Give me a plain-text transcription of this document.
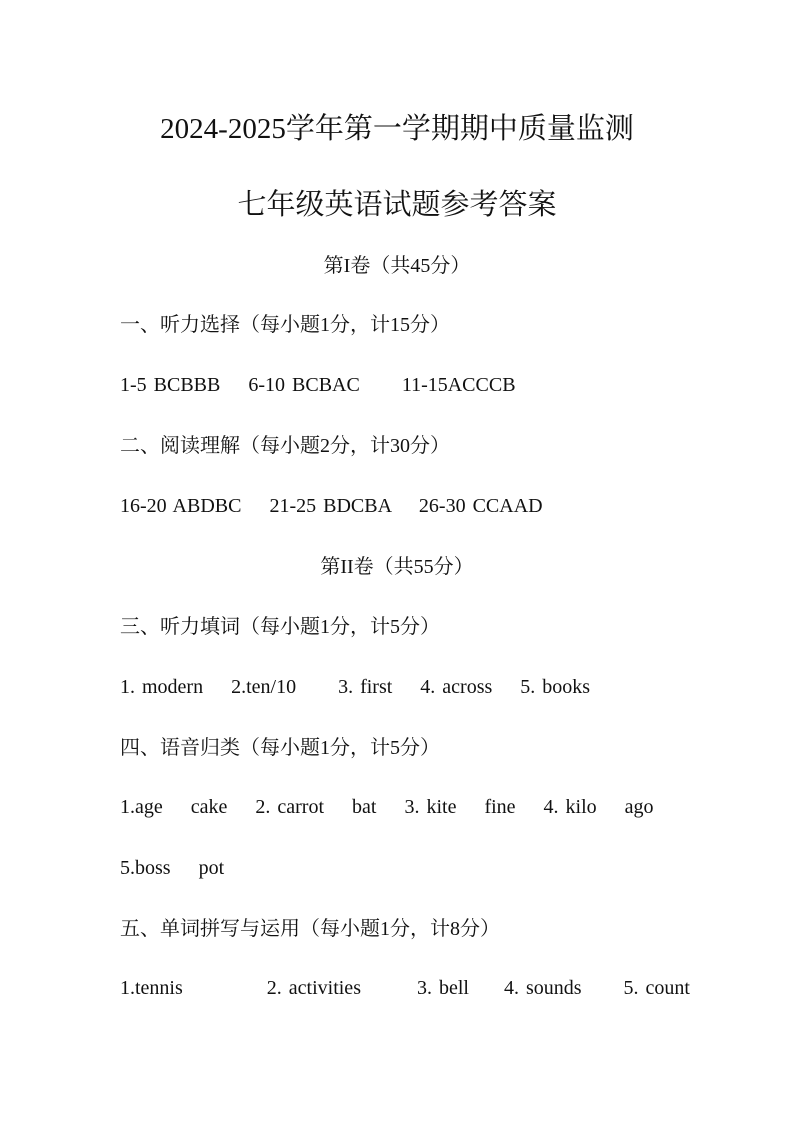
2024-2025学年第一学期期中质量监测
七年级英语试题参考答案
第I卷（共45分）
一、听力选择（每小题1分，计15分）
1-5 BCBBB    6-10 BCBAC      11-15ACCCB
二、阅读理解（每小题2分，计30分）
16-20 ABDBC    21-25 BDCBA    26-30 CCAAD
第II卷（共55分）
三、听力填词（每小题1分，计5分）
1. modern    2.ten/10      3. first    4. across    5. books
四、语音归类（每小题1分，计5分）
1.age    cake    2. carrot    bat    3. kite    fine    4. kilo    ago
5.boss    pot
五、单词拼写与运用（每小题1分，计8分）
1.tennis            2. activities        3. bell     4. sounds      5. count
